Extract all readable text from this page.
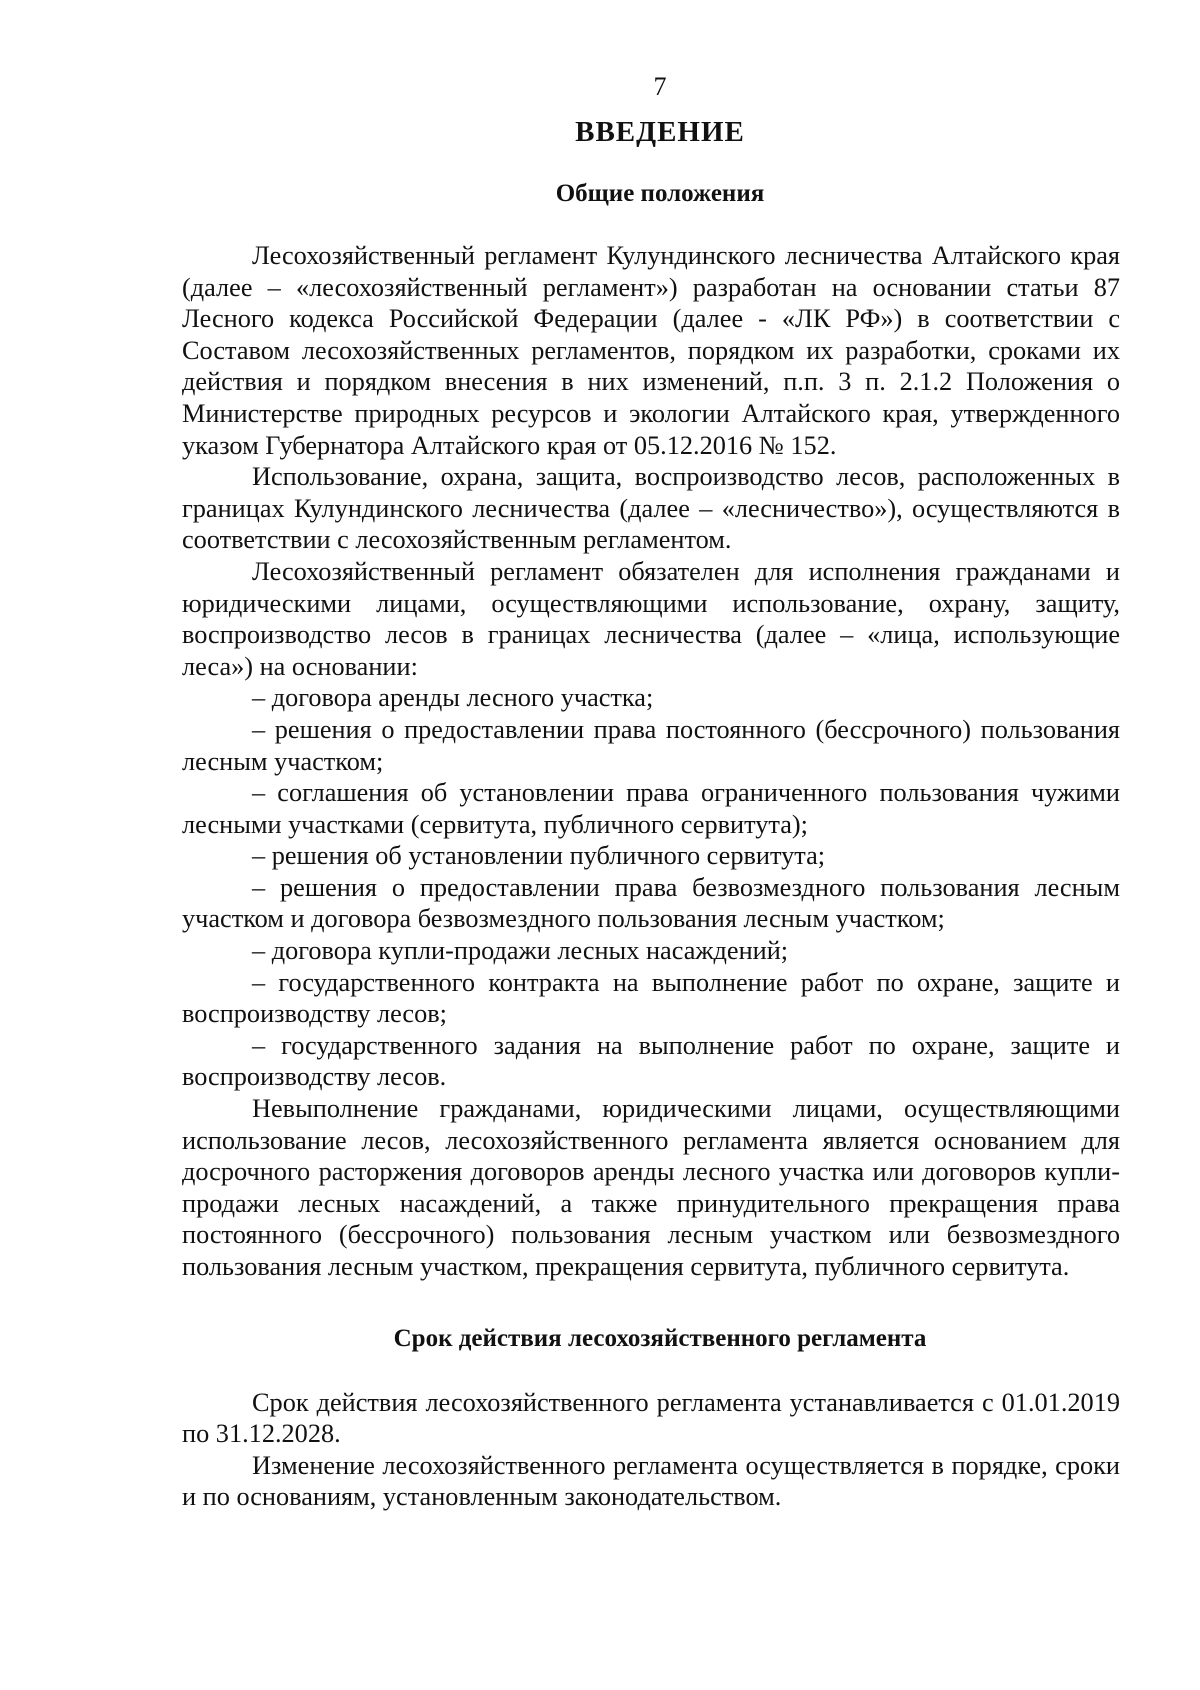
7
ВВЕДЕНИЕ
Общие положения

Лесохозяйственный регламент Кулундинского лесничества Алтайского края (далее – «лесохозяйственный регламент») разработан на основании статьи 87 Лесного кодекса Российской Федерации (далее - «ЛК РФ») в соответствии с Составом лесохозяйственных регламентов, порядком их разработки, сроками их действия и порядком внесения в них изменений, п.п. 3 п. 2.1.2 Положения о Министерстве природных ресурсов и экологии Алтайского края, утвержденного указом Губернатора Алтайского края от 05.12.2016 № 152.

Использование, охрана, защита, воспроизводство лесов, расположенных в границах Кулундинского лесничества (далее – «лесничество»), осуществляются в соответствии с лесохозяйственным регламентом.

Лесохозяйственный регламент обязателен для исполнения гражданами и юридическими лицами, осуществляющими использование, охрану, защиту, воспроизводство лесов в границах лесничества (далее – «лица, использующие леса») на основании:

– договора аренды лесного участка;

– решения о предоставлении права постоянного (бессрочного) пользования лесным участком;

– соглашения об установлении права ограниченного пользования чужими лесными участками (сервитута, публичного сервитута);

– решения об установлении публичного сервитута;

– решения о предоставлении права безвозмездного пользования лесным участком и договора безвозмездного пользования лесным участком;

– договора купли-продажи лесных насаждений;

– государственного контракта на выполнение работ по охране, защите и воспроизводству лесов;

– государственного задания на выполнение работ по охране, защите и воспроизводству лесов.

Невыполнение гражданами, юридическими лицами, осуществляющими использование лесов, лесохозяйственного регламента является основанием для досрочного расторжения договоров аренды лесного участка или договоров купли-продажи лесных насаждений, а также принудительного прекращения права постоянного (бессрочного) пользования лесным участком или безвозмездного пользования лесным участком, прекращения сервитута, публичного сервитута.

Срок действия лесохозяйственного регламента

Срок действия лесохозяйственного регламента устанавливается с 01.01.2019 по 31.12.2028.

Изменение лесохозяйственного регламента осуществляется в порядке, сроки и по основаниям, установленным законодательством.
